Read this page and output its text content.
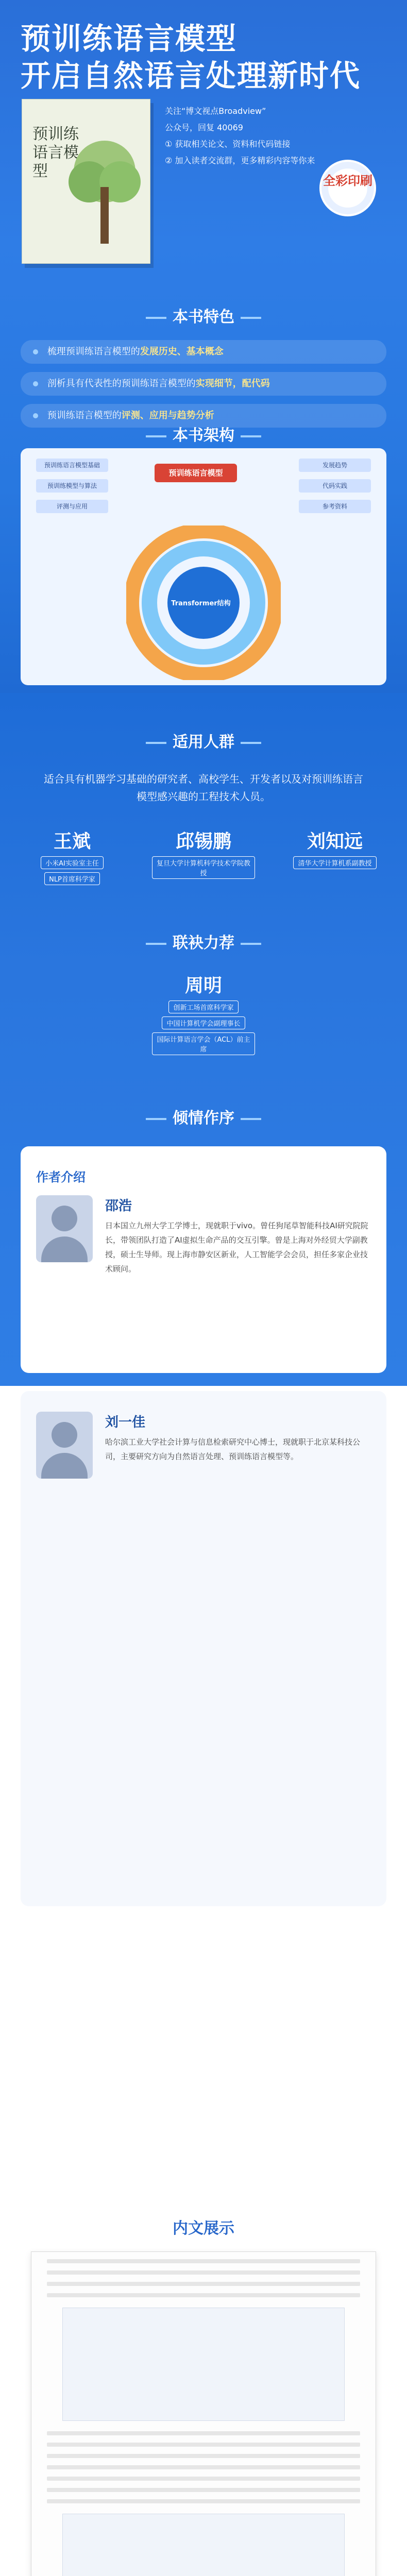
预训练语言模型
开启自然语言处理新时代
预训练语言模型
关注“博文视点Broadview”
公众号，回复 40069
① 获取相关论文、资料和代码链接
② 加入读者交流群，更多精彩内容等你来
全彩印刷
本书特色
梳理预训练语言模型的发展历史、基本概念
剖析具有代表性的预训练语言模型的实现细节，配代码
预训练语言模型的评测、应用与趋势分析
本书架构
预训练语言模型
预训练语言模型基础
预训练模型与算法
评测与应用
发展趋势
代码实践
参考资料
Transformer结构
适用人群
适合具有机器学习基础的研究者、高校学生、开发者以及对预训练语言模型感兴趣的工程技术人员。
王斌
小米AI实验室主任
NLP首席科学家
邱锡鹏
复旦大学计算机科学技术学院教授
刘知远
清华大学计算机系副教授
联袂力荐
周明
创新工场首席科学家
中国计算机学会副理事长
国际计算语言学会（ACL）前主席
倾情作序
作者介绍
邵浩
日本国立九州大学工学博士，现就职于vivo。曾任狗尾草智能科技AI研究院院长，带领团队打造了AI虚拟生命产品的交互引擎。曾是上海对外经贸大学副教授，硕士生导师。现上海市静安区新业，人工智能学会会员，担任多家企业技术顾问。
刘一佳
哈尔滨工业大学社会计算与信息检索研究中心博士，现就职于北京某科技公司，主要研究方向为自然语言处理、预训练语言模型等。
内文展示
